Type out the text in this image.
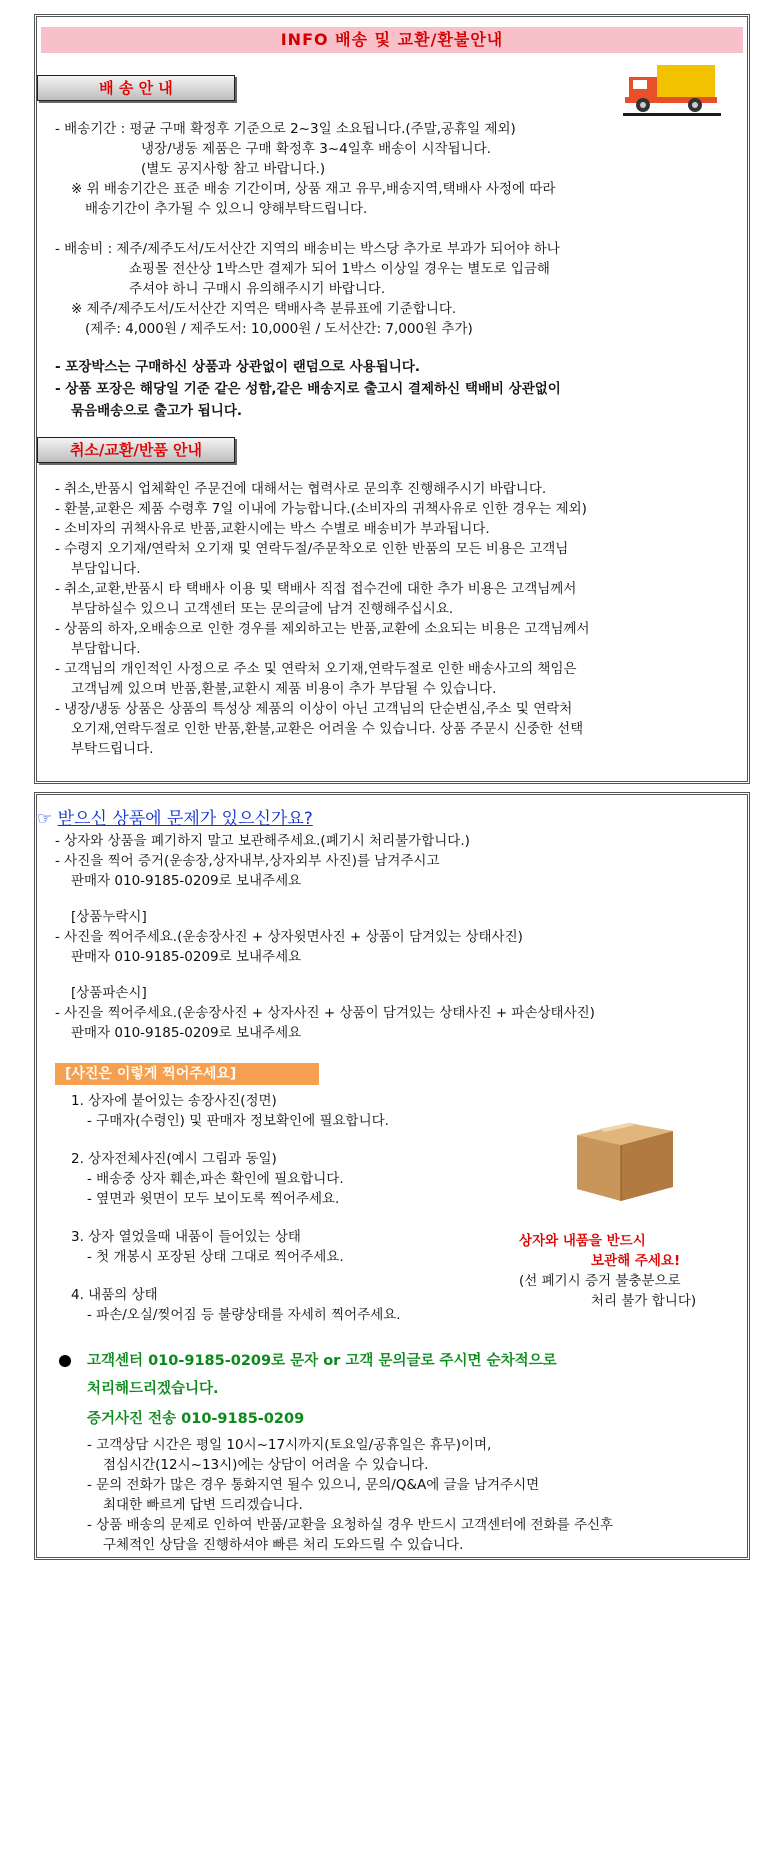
INFO 배송 및 교환/환불안내
배 송 안 내
- 배송기간 : 평균 구매 확정후 기준으로 2~3일 소요됩니다.(주말,공휴일 제외)
냉장/냉동 제품은 구매 확정후 3~4일후 배송이 시작됩니다.
(별도 공지사항 참고 바랍니다.)
※ 위 배송기간은 표준 배송 기간이며, 상품 재고 유무,배송지역,택배사 사정에 따라
배송기간이 추가될 수 있으니 양해부탁드립니다.
- 배송비 : 제주/제주도서/도서산간 지역의 배송비는 박스당 추가로 부과가 되어야 하나
쇼핑몰 전산상 1박스만 결제가 되어 1박스 이상일 경우는 별도로 입금해
주셔야 하니 구매시 유의해주시기 바랍니다.
※ 제주/제주도서/도서산간 지역은 택배사측 분류표에 기준합니다.
(제주: 4,000원 / 제주도서: 10,000원 / 도서산간: 7,000원 추가)
- 포장박스는 구매하신 상품과 상관없이 랜덤으로 사용됩니다.
- 상품 포장은 해당일 기준 같은 성함,같은 배송지로 출고시 결제하신 택배비 상관없이
묶음배송으로 출고가 됩니다.
취소/교환/반품 안내
- 취소,반품시 업체확인 주문건에 대해서는 협력사로 문의후 진행해주시기 바랍니다.
- 환불,교환은 제품 수령후 7일 이내에 가능합니다.(소비자의 귀책사유로 인한 경우는 제외)
- 소비자의 귀책사유로 반품,교환시에는 박스 수별로 배송비가 부과됩니다.
- 수령지 오기재/연락처 오기재 및 연락두절/주문착오로 인한 반품의 모든 비용은 고객님
부담입니다.
- 취소,교환,반품시 타 택배사 이용 및 택배사 직접 접수건에 대한 추가 비용은 고객님께서
부담하실수 있으니 고객센터 또는 문의글에 남겨 진행해주십시요.
- 상품의 하자,오배송으로 인한 경우를 제외하고는 반품,교환에 소요되는 비용은 고객님께서
부담합니다.
- 고객님의 개인적인 사정으로 주소 및 연락처 오기재,연락두절로 인한 배송사고의 책임은
고객님께 있으며 반품,환불,교환시 제품 비용이 추가 부담될 수 있습니다.
- 냉장/냉동 상품은 상품의 특성상 제품의 이상이 아닌 고객님의 단순변심,주소 및 연락처
오기재,연락두절로 인한 반품,환불,교환은 어려울 수 있습니다. 상품 주문시 신중한 선택
부탁드립니다.
☞ 받으신 상품에 문제가 있으신가요?
- 상자와 상품을 폐기하지 말고 보관해주세요.(폐기시 처리불가합니다.)
- 사진을 찍어 증거(운송장,상자내부,상자외부 사진)를 남겨주시고
판매자 010-9185-0209로 보내주세요
[상품누락시]
- 사진을 찍어주세요.(운송장사진 + 상자윗면사진 + 상품이 담겨있는 상태사진)
판매자 010-9185-0209로 보내주세요
[상품파손시]
- 사진을 찍어주세요.(운송장사진 + 상자사진 + 상품이 담겨있는 상태사진 + 파손상태사진)
판매자 010-9185-0209로 보내주세요
[사진은 이렇게 찍어주세요]
1. 상자에 붙어있는 송장사진(정면)
- 구매자(수령인) 및 판매자 정보확인에 필요합니다.
2. 상자전체사진(예시 그림과 동일)
- 배송중 상자 훼손,파손 확인에 필요합니다.
- 옆면과 윗면이 모두 보이도록 찍어주세요.
3. 상자 열었을때 내품이 들어있는 상태
- 첫 개봉시 포장된 상태 그대로 찍어주세요.
4. 내품의 상태
- 파손/오실/찢어짐 등 불량상태를 자세히 찍어주세요.
상자와 내품을 반드시
보관해 주세요!
(선 폐기시 증거 불충분으로
처리 불가 합니다)
고객센터 010-9185-0209로 문자 or 고객 문의글로 주시면 순차적으로
처리해드리겠습니다.
증거사진 전송 010-9185-0209
- 고객상담 시간은 평일 10시~17시까지(토요일/공휴일은 휴무)이며,
점심시간(12시~13시)에는 상담이 어려울 수 있습니다.
- 문의 전화가 많은 경우 통화지연 될수 있으니, 문의/Q&A에 글을 남겨주시면
최대한 빠르게 답변 드리겠습니다.
- 상품 배송의 문제로 인하여 반품/교환을 요청하실 경우 반드시 고객센터에 전화를 주신후
구체적인 상담을 진행하셔야 빠른 처리 도와드릴 수 있습니다.
